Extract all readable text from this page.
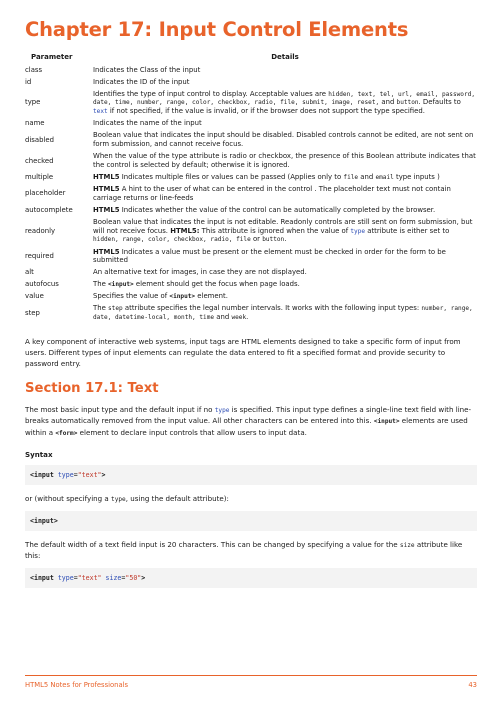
Chapter 17: Input Control Elements
Parameter	Details
class	Indicates the Class of the input
id	Indicates the ID of the input
type	Identifies the type of input control to display. Acceptable values are hidden, text, tel, url, email, password, date, time, number, range, color, checkbox, radio, file, submit, image, reset, and button. Defaults to text if not specified, if the value is invalid, or if the browser does not support the type specified.
name	Indicates the name of the input
disabled	Boolean value that indicates the input should be disabled. Disabled controls cannot be edited, are not sent on form submission, and cannot receive focus.
checked	When the value of the type attribute is radio or checkbox, the presence of this Boolean attribute indicates that the control is selected by default; otherwise it is ignored.
multiple	HTML5 Indicates multiple files or values can be passed (Applies only to file and email type inputs )
placeholder	HTML5 A hint to the user of what can be entered in the control . The placeholder text must not contain carriage returns or line-feeds
autocomplete	HTML5 Indicates whether the value of the control can be automatically completed by the browser.
readonly	Boolean value that indicates the input is not editable. Readonly controls are still sent on form submission, but will not receive focus. HTML5: This attribute is ignored when the value of type attribute is either set to hidden, range, color, checkbox, radio, file or button.
required	HTML5 Indicates a value must be present or the element must be checked in order for the form to be submitted
alt	An alternative text for images, in case they are not displayed.
autofocus	The <input> element should get the focus when page loads.
value	Specifies the value of <input> element.
step	The step attribute specifies the legal number intervals. It works with the following input types: number, range, date, datetime-local, month, time and week.

A key component of interactive web systems, input tags are HTML elements designed to take a specific form of input from users. Different types of input elements can regulate the data entered to fit a specified format and provide security to password entry.

Section 17.1: Text

The most basic input type and the default input if no type is specified. This input type defines a single-line text field with line-breaks automatically removed from the input value. All other characters can be entered into this. <input> elements are used within a <form> element to declare input controls that allow users to input data.

Syntax
<input type="text">

or (without specifying a type, using the default attribute):

<input>

The default width of a text field input is 20 characters. This can be changed by specifying a value for the size attribute like this:

<input type="text" size="50">
HTML5 Notes for Professionals	43
